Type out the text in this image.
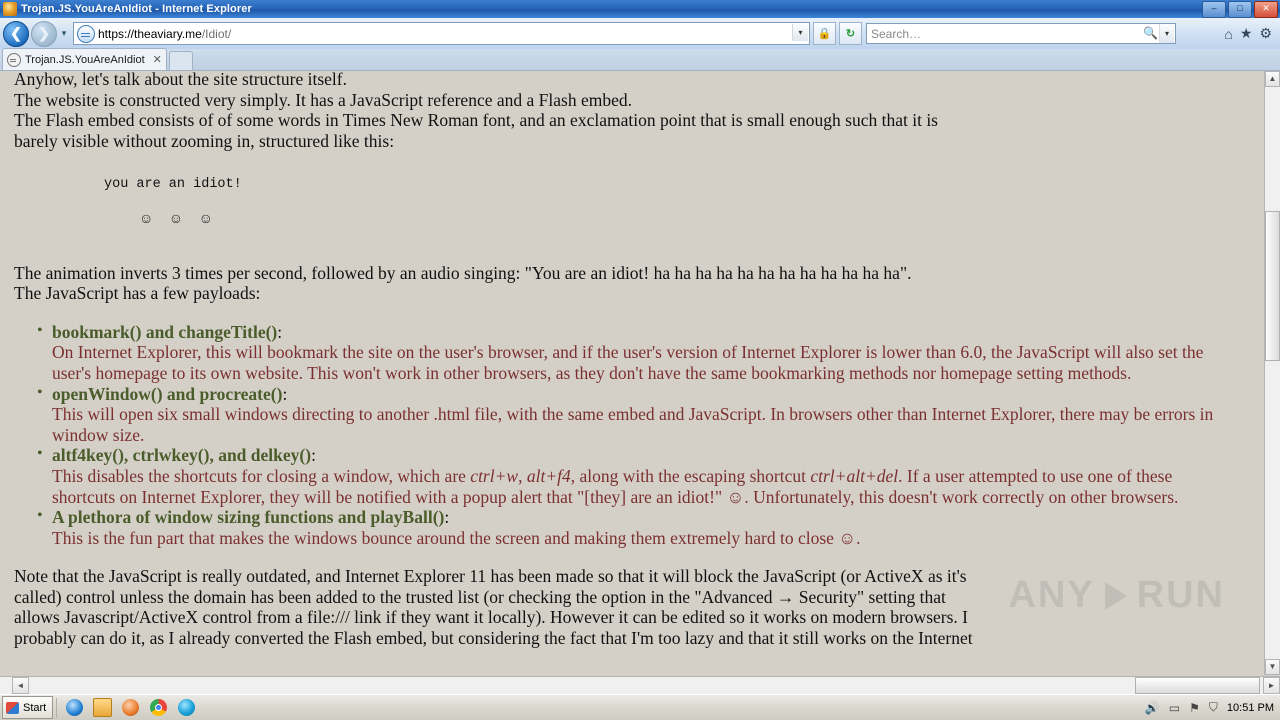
Trojan.JS.YouAreAnIdiot - Internet Explorer	–	□	✕
❮	❯	▾	https://theaviary.me/Idiot/	▾	🔒	↻	Search…	🔍 ▾	⌂ ★ ⚙
Trojan.JS.YouAreAnIdiot ✕

Anyhow, let's talk about the site structure itself.

The website is constructed very simply. It has a JavaScript reference and a Flash embed.

The Flash embed consists of of some words in Times New Roman font, and an exclamation point that is small enough such that it is

barely visible without zooming in, structured like this:

you are an idiot!
☺ ☺ ☺

The animation inverts 3 times per second, followed by an audio singing: "You are an idiot! ha ha ha ha ha ha ha ha ha ha ha ha".

The JavaScript has a few payloads:

• bookmark() and changeTitle():
On Internet Explorer, this will bookmark the site on the user's browser, and if the user's version of Internet Explorer is lower than 6.0, the JavaScript will also set the user's homepage to its own website. This won't work in other browsers, as they don't have the same bookmarking methods nor homepage setting methods.
• openWindow() and procreate():
This will open six small windows directing to another .html file, with the same embed and JavaScript. In browsers other than Internet Explorer, there may be errors in window size.
• altf4key(), ctrlwkey(), and delkey():
This disables the shortcuts for closing a window, which are ctrl+w, alt+f4, along with the escaping shortcut ctrl+alt+del. If a user attempted to use one of these shortcuts on Internet Explorer, they will be notified with a popup alert that "[they] are an idiot!" ☺. Unfortunately, this doesn't work correctly on other browsers.
• A plethora of window sizing functions and playBall():
This is the fun part that makes the windows bounce around the screen and making them extremely hard to close ☺.

Note that the JavaScript is really outdated, and Internet Explorer 11 has been made so that it will block the JavaScript (or ActiveX as it's

called) control unless the domain has been added to the trusted list (or checking the option in the "Advanced → Security" setting that

allows Javascript/ActiveX control from a file:/// link if they want it locally). However it can be edited so it works on modern browsers. I

probably can do it, as I already converted the Flash embed, but considering the fact that I'm too lazy and that it still works on the Internet

ANY RUN
▲
▼
◄	►
Start	🔊 ▭ ⚑ ⛉ 10:51 PM
